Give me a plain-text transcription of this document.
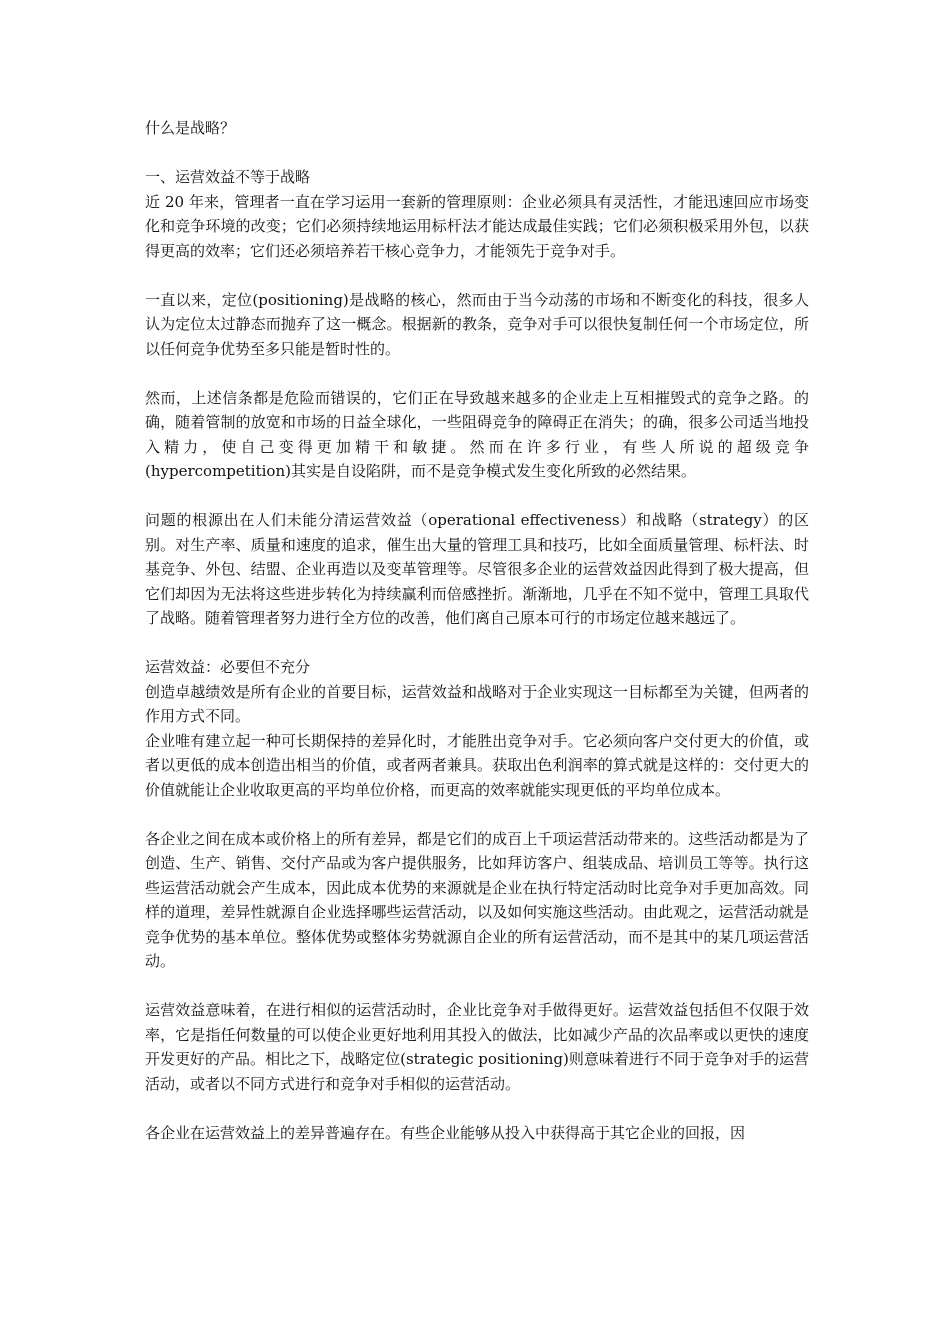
什么是战略？

一、运营效益不等于战略

近 20 年来，管理者一直在学习运用一套新的管理原则：企业必须具有灵活性，才能迅速回应市场变化和竞争环境的改变；它们必须持续地运用标杆法才能达成最佳实践；它们必须积极采用外包，以获得更高的效率；它们还必须培养若干核心竞争力，才能领先于竞争对手。

一直以来，定位(positioning)是战略的核心，然而由于当今动荡的市场和不断变化的科技，很多人认为定位太过静态而抛弃了这一概念。根据新的教条，竞争对手可以很快复制任何一个市场定位，所以任何竞争优势至多只能是暂时性的。

然而，上述信条都是危险而错误的，它们正在导致越来越多的企业走上互相摧毁式的竞争之路。的确，随着管制的放宽和市场的日益全球化，一些阻碍竞争的障碍正在消失；的确，很多公司适当地投入精力，使自己变得更加精干和敏捷。然而在许多行业，有些人所说的超级竞争(hypercompetition)其实是自设陷阱，而不是竞争模式发生变化所致的必然结果。

问题的根源出在人们未能分清运营效益（operational effectiveness）和战略（strategy）的区别。对生产率、质量和速度的追求，催生出大量的管理工具和技巧，比如全面质量管理、标杆法、时基竞争、外包、结盟、企业再造以及变革管理等。尽管很多企业的运营效益因此得到了极大提高，但它们却因为无法将这些进步转化为持续赢利而倍感挫折。渐渐地，几乎在不知不觉中，管理工具取代了战略。随着管理者努力进行全方位的改善，他们离自己原本可行的市场定位越来越远了。

运营效益：必要但不充分

创造卓越绩效是所有企业的首要目标，运营效益和战略对于企业实现这一目标都至为关键，但两者的作用方式不同。

企业唯有建立起一种可长期保持的差异化时，才能胜出竞争对手。它必须向客户交付更大的价值，或者以更低的成本创造出相当的价值，或者两者兼具。获取出色利润率的算式就是这样的：交付更大的价值就能让企业收取更高的平均单位价格，而更高的效率就能实现更低的平均单位成本。

各企业之间在成本或价格上的所有差异，都是它们的成百上千项运营活动带来的。这些活动都是为了创造、生产、销售、交付产品或为客户提供服务，比如拜访客户、组装成品、培训员工等等。执行这些运营活动就会产生成本，因此成本优势的来源就是企业在执行特定活动时比竞争对手更加高效。同样的道理，差异性就源自企业选择哪些运营活动，以及如何实施这些活动。由此观之，运营活动就是竞争优势的基本单位。整体优势或整体劣势就源自企业的所有运营活动，而不是其中的某几项运营活动。

运营效益意味着，在进行相似的运营活动时，企业比竞争对手做得更好。运营效益包括但不仅限于效率，它是指任何数量的可以使企业更好地利用其投入的做法，比如减少产品的次品率或以更快的速度开发更好的产品。相比之下，战略定位(strategic positioning)则意味着进行不同于竞争对手的运营活动，或者以不同方式进行和竞争对手相似的运营活动。

各企业在运营效益上的差异普遍存在。有些企业能够从投入中获得高于其它企业的回报，因
